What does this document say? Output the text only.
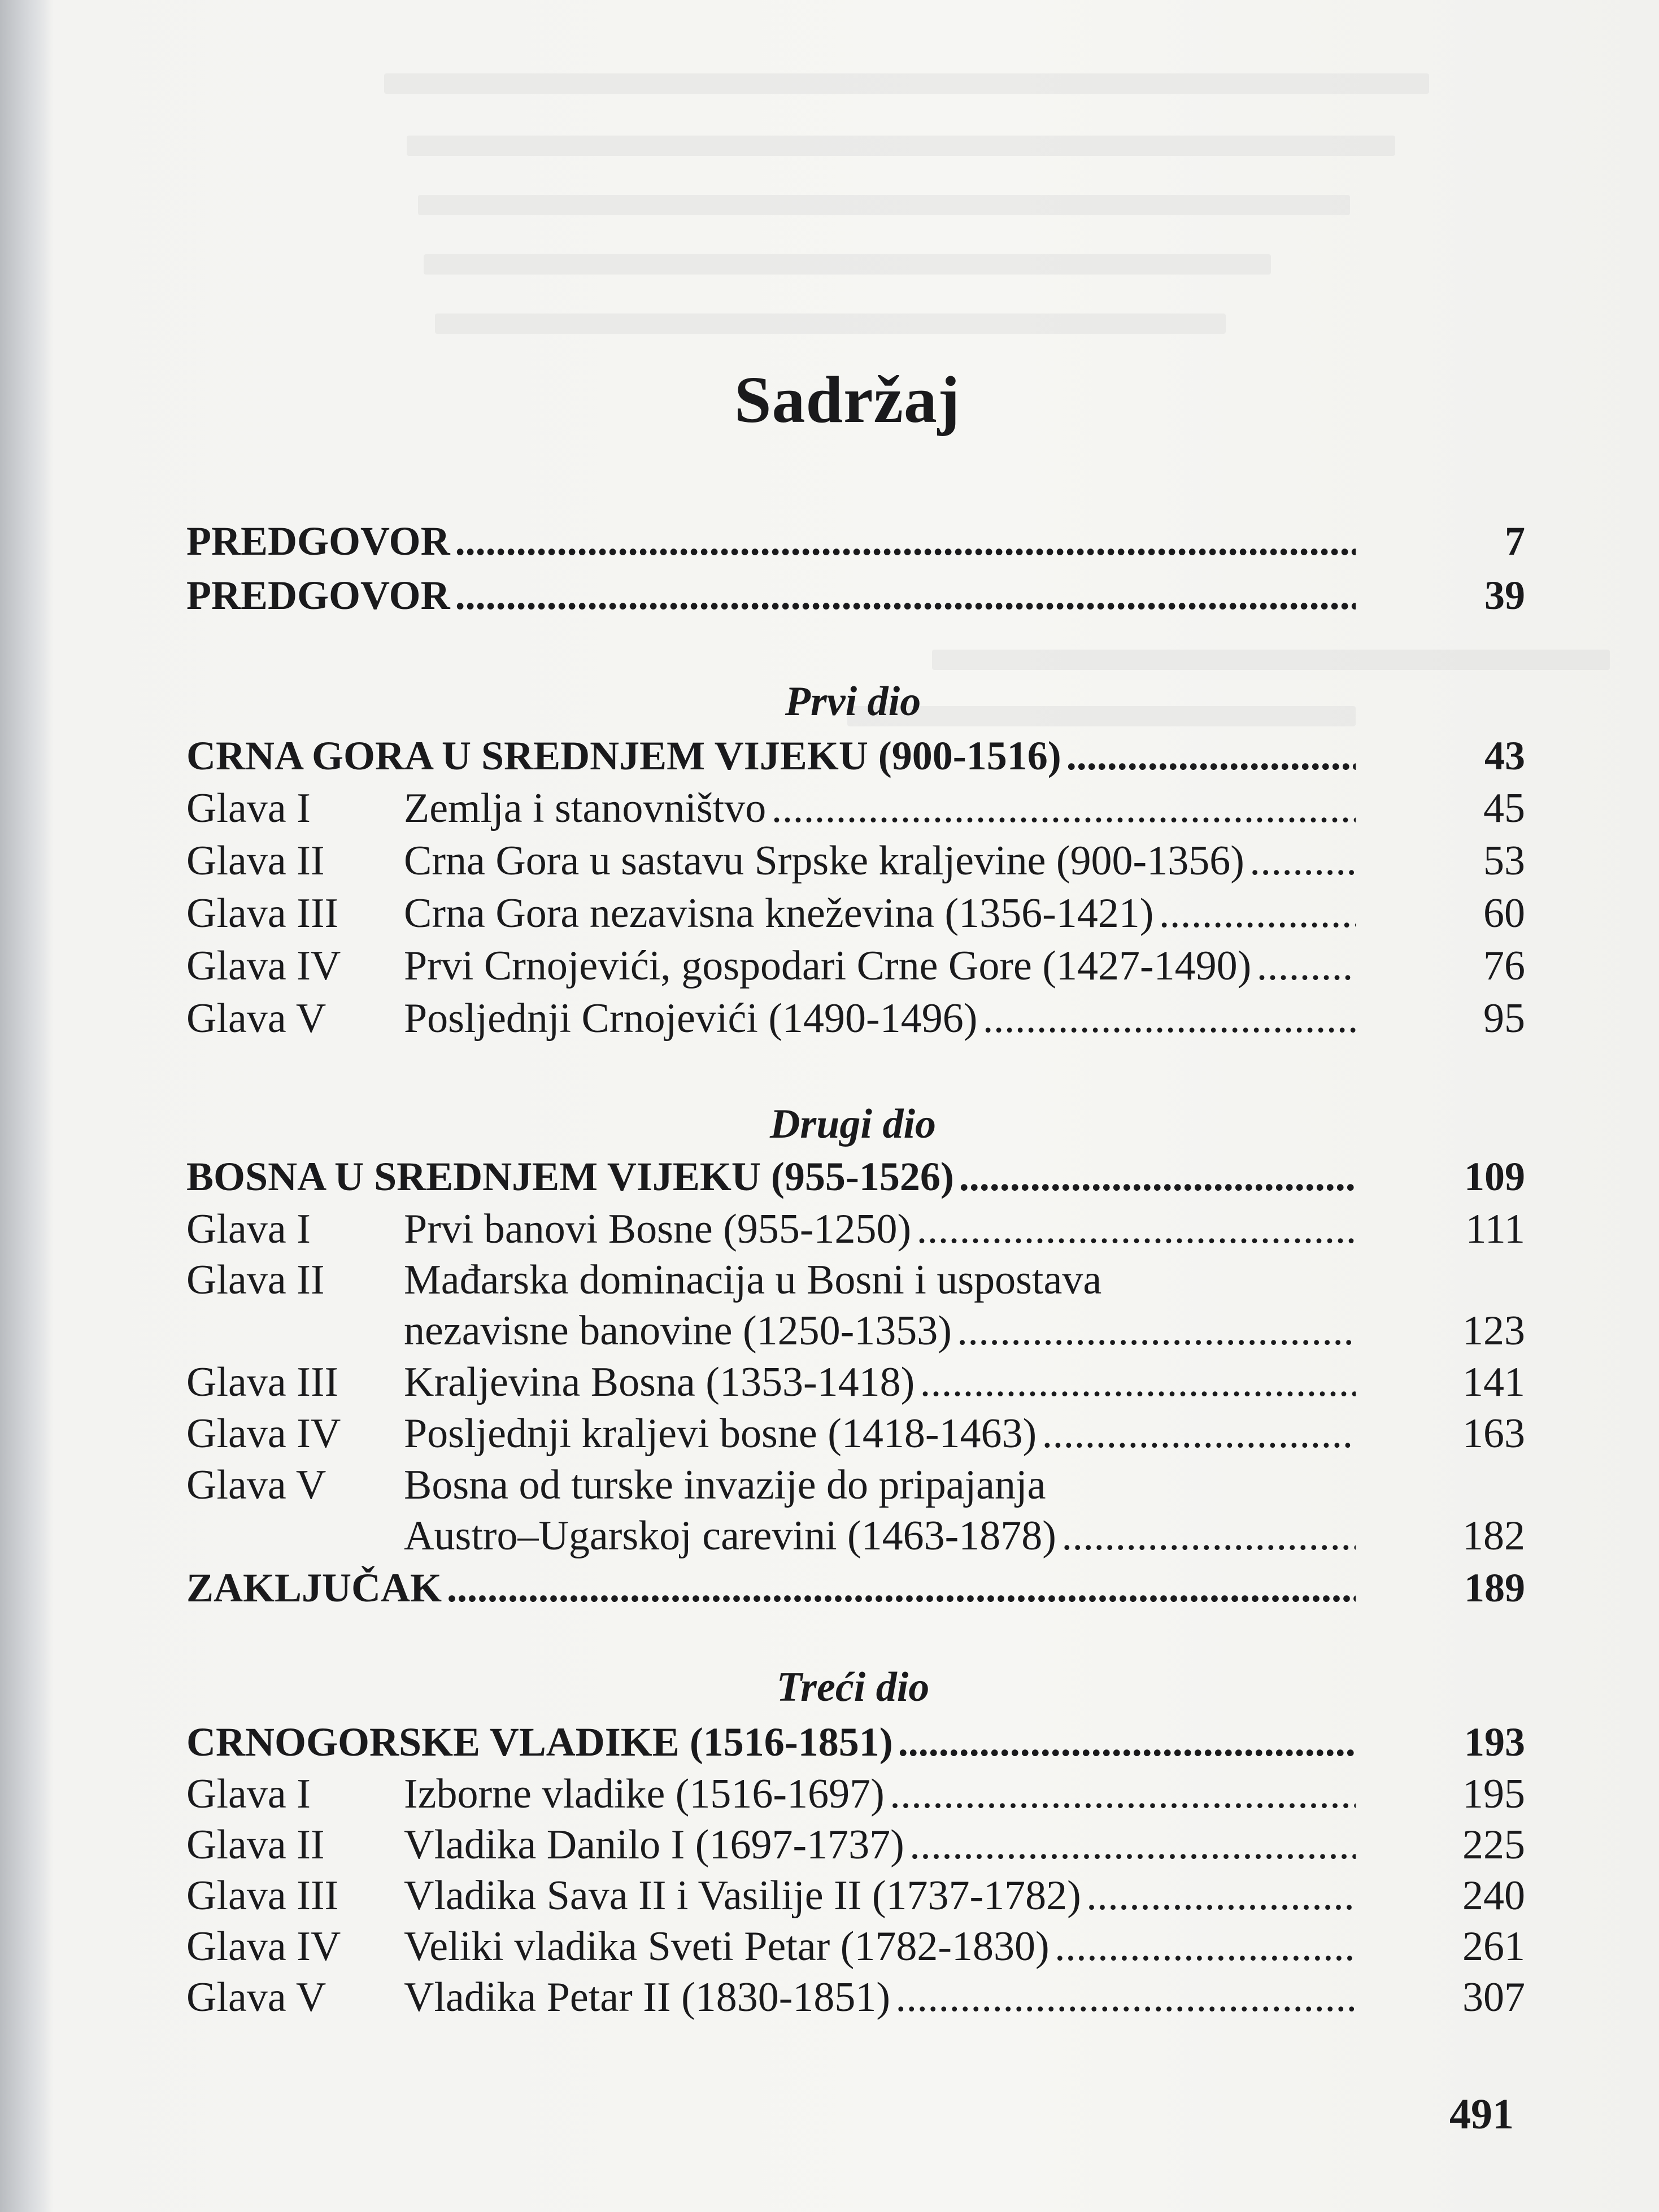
Sadržaj
PREDGOVOR . . .	7
PREDGOVOR . . .	39
Prvi dio
CRNA GORA U SREDNJEM VIJEKU (900-1516) . . .	43
Glava I Zemlja i stanovništvo . . .	45
Glava II Crna Gora u sastavu Srpske kraljevine (900-1356) . . .	53
Glava III Crna Gora nezavisna kneževina (1356-1421) . . .	60
Glava IV Prvi Crnojevići, gospodari Crne Gore (1427-1490) . . .	76
Glava V Posljednji Crnojevići (1490-1496) . . .	95
Drugi dio
BOSNA U SREDNJEM VIJEKU (955-1526) . . .	109
Glava I Prvi banovi Bosne (955-1250) . . .	111
Glava II Mađarska dominacija u Bosni i uspostava
nezavisne banovine (1250-1353) . . .	123
Glava III Kraljevina Bosna (1353-1418) . . .	141
Glava IV Posljednji kraljevi bosne (1418-1463) . . .	163
Glava V Bosna od turske invazije do pripajanja
Austro–Ugarskoj carevini (1463-1878) . . .	182
ZAKLJUČAK . . .	189
Treći dio
CRNOGORSKE VLADIKE (1516-1851) . . .	193
Glava I Izborne vladike (1516-1697) . . .	195
Glava II Vladika Danilo I (1697-1737) . . .	225
Glava III Vladika Sava II i Vasilije II (1737-1782) . . .	240
Glava IV Veliki vladika Sveti Petar (1782-1830) . . .	261
Glava V Vladika Petar II (1830-1851) . . .	307
491
